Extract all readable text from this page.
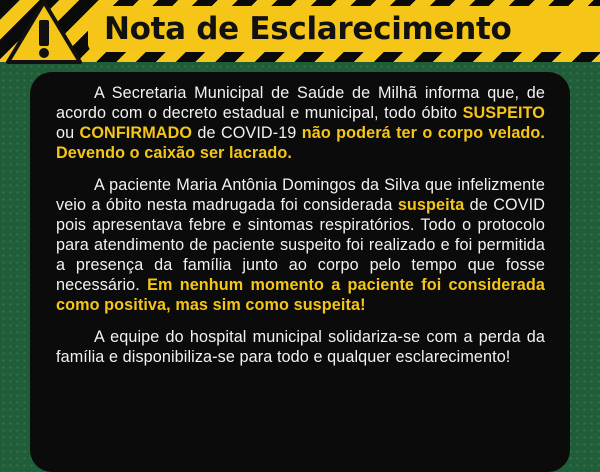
Nota de Esclarecimento

A Secretaria Municipal de Saúde de Milhã informa que, de acordo com o decreto estadual e municipal, todo óbito SUSPEITO ou CONFIRMADO de COVID-19 não poderá ter o corpo velado. Devendo o caixão ser lacrado.

A paciente Maria Antônia Domingos da Silva que infelizmente veio a óbito nesta madrugada foi considerada suspeita de COVID pois apresentava febre e sintomas respiratórios. Todo o protocolo para atendimento de paciente suspeito foi realizado e foi permitida a presença da família junto ao corpo pelo tempo que fosse necessário. Em nenhum momento a paciente foi considerada como positiva, mas sim como suspeita!

A equipe do hospital municipal solidariza-se com a perda da família e disponibiliza-se para todo e qualquer esclarecimento!
